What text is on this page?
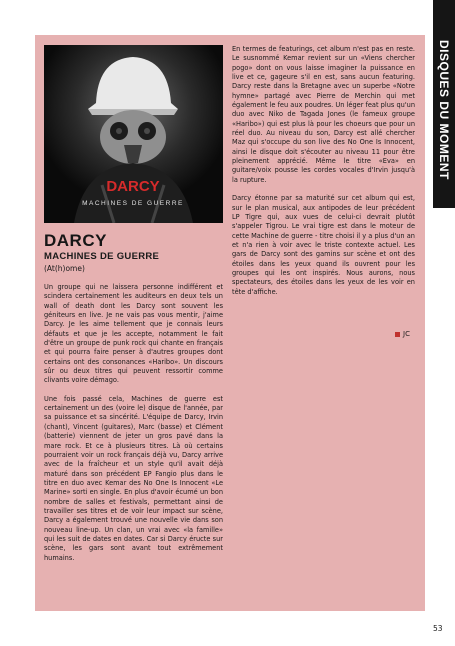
DARCY
MACHINES DE GUERRE
DARCY
MACHINES DE GUERRE
(At(h)ome)

Un groupe qui ne laissera personne indifférent et scindera certainement les auditeurs en deux tels un wall of death dont les Darcy sont souvent les géniteurs en live. Je ne vais pas vous mentir, j'aime Darcy. Je les aime tellement que je connais leurs défauts et que je les accepte, notamment le fait d'être un groupe de punk rock qui chante en français et qui pourra faire penser à d'autres groupes dont certains ont des consonances «Haribo». Un discours sûr ou deux titres qui peuvent ressortir comme clivants voire démago.

Une fois passé cela, Machines de guerre est certainement un des (voire le) disque de l'année, par sa puissance et sa sincérité. L'équipe de Darcy, Irvin (chant), Vincent (guitares), Marc (basse) et Clément (batterie) viennent de jeter un gros pavé dans la mare rock. Et ce à plusieurs titres. Là où certains pourraient voir un rock français déjà vu, Darcy arrive avec de la fraîcheur et un style qu'il avait déjà maturé dans son précédent EP Fangio plus dans le titre en duo avec Kemar des No One Is Innocent «Le Marine» sorti en single. En plus d'avoir écumé un bon nombre de salles et festivals, permettant ainsi de travailler ses titres et de voir leur impact sur scène, Darcy a également trouvé une nouvelle vie dans son nouveau line-up. Un clan, un vrai avec «la famille» qui les suit de dates en dates. Car si Darcy éructe sur scène, les gars sont avant tout extrêmement humains.

En termes de featurings, cet album n'est pas en reste. Le susnommé Kemar revient sur un «Viens chercher pogo» dont on vous laisse imaginer la puissance en live et ce, gageure s'il en est, sans aucun featuring. Darcy reste dans la Bretagne avec un superbe «Notre hymne» partagé avec Pierre de Merchin qui met également le feu aux poudres. Un léger feat plus qu'un duo avec Niko de Tagada Jones (le fameux groupe «Haribo») qui est plus là pour les choeurs que pour un réel duo. Au niveau du son, Darcy est allé chercher Maz qui s'occupe du son live des No One Is Innocent, ainsi le disque doit s'écouter au niveau 11 pour être pleinement apprécié. Même le titre «Eva» en guitare/voix pousse les cordes vocales d'Irvin jusqu'à la rupture.

Darcy étonne par sa maturité sur cet album qui est, sur le plan musical, aux antipodes de leur précédent LP Tigre qui, aux vues de celui-ci devrait plutôt s'appeler Tigrou. Le vrai tigre est dans le moteur de cette Machine de guerre - titre choisi il y a plus d'un an et n'a rien à voir avec le triste contexte actuel. Les gars de Darcy sont des gamins sur scène et ont des étoiles dans les yeux quand ils ouvrent pour les groupes qui les ont inspirés. Nous aurons, nous spectateurs, des étoiles dans les yeux de les voir en tête d'affiche.

JC
DISQUES DU MOMENT
53
